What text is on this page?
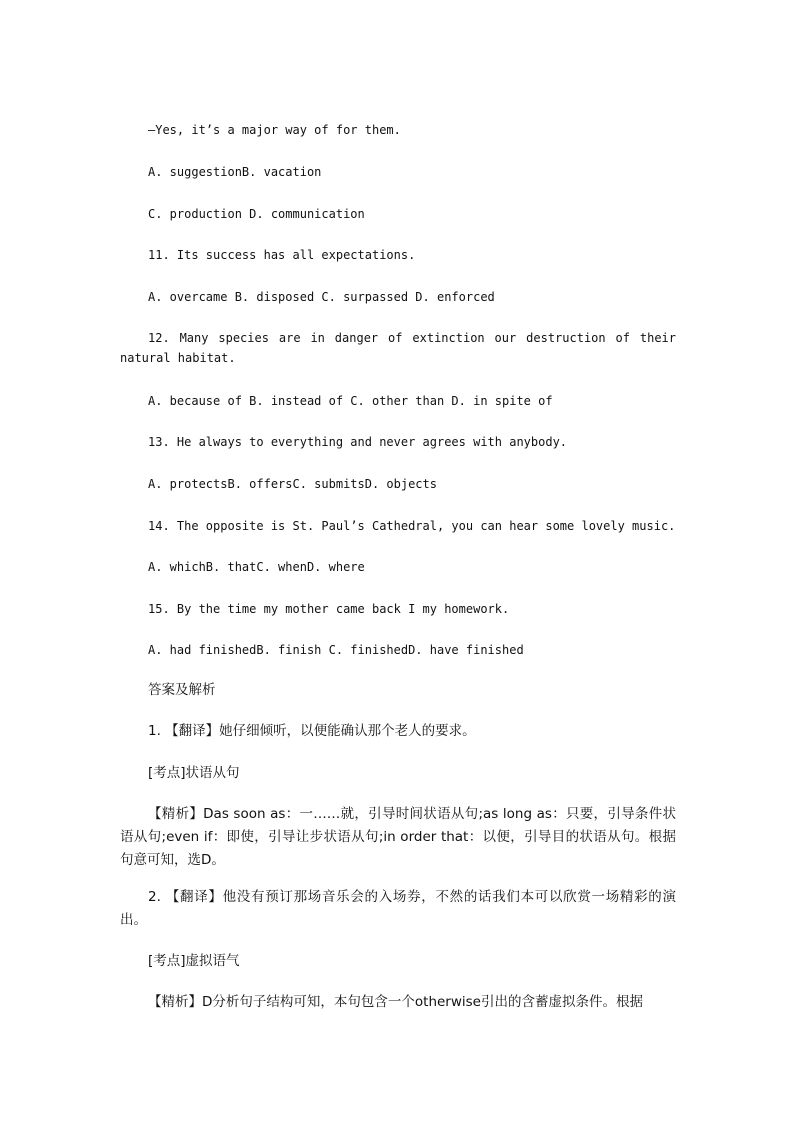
—Yes, it’s a major way of for them.

A. suggestionB. vacation

C. production D. communication

11. Its success has all expectations.

A. overcame B. disposed C. surpassed D. enforced

12. Many species are in danger of extinction our destruction of their natural habitat.

A. because of B. instead of C. other than D. in spite of

13. He always to everything and never agrees with anybody.

A. protectsB. offersC. submitsD. objects

14. The opposite is St. Paul’s Cathedral, you can hear some lovely music.

A. whichB. thatC. whenD. where

15. By the time my mother came back I my homework.

A. had finishedB. finish C. finishedD. have finished

答案及解析

1. 【翻译】她仔细倾听，以便能确认那个老人的要求。

[考点]状语从句

【精析】Das soon as：一……就，引导时间状语从句;as long as：只要，引导条件状语从句;even if：即使，引导让步状语从句;in order that：以便，引导目的状语从句。根据句意可知，选D。

2. 【翻译】他没有预订那场音乐会的入场券，不然的话我们本可以欣赏一场精彩的演出。

[考点]虚拟语气

【精析】D分析句子结构可知，本句包含一个otherwise引出的含蓄虚拟条件。根据
